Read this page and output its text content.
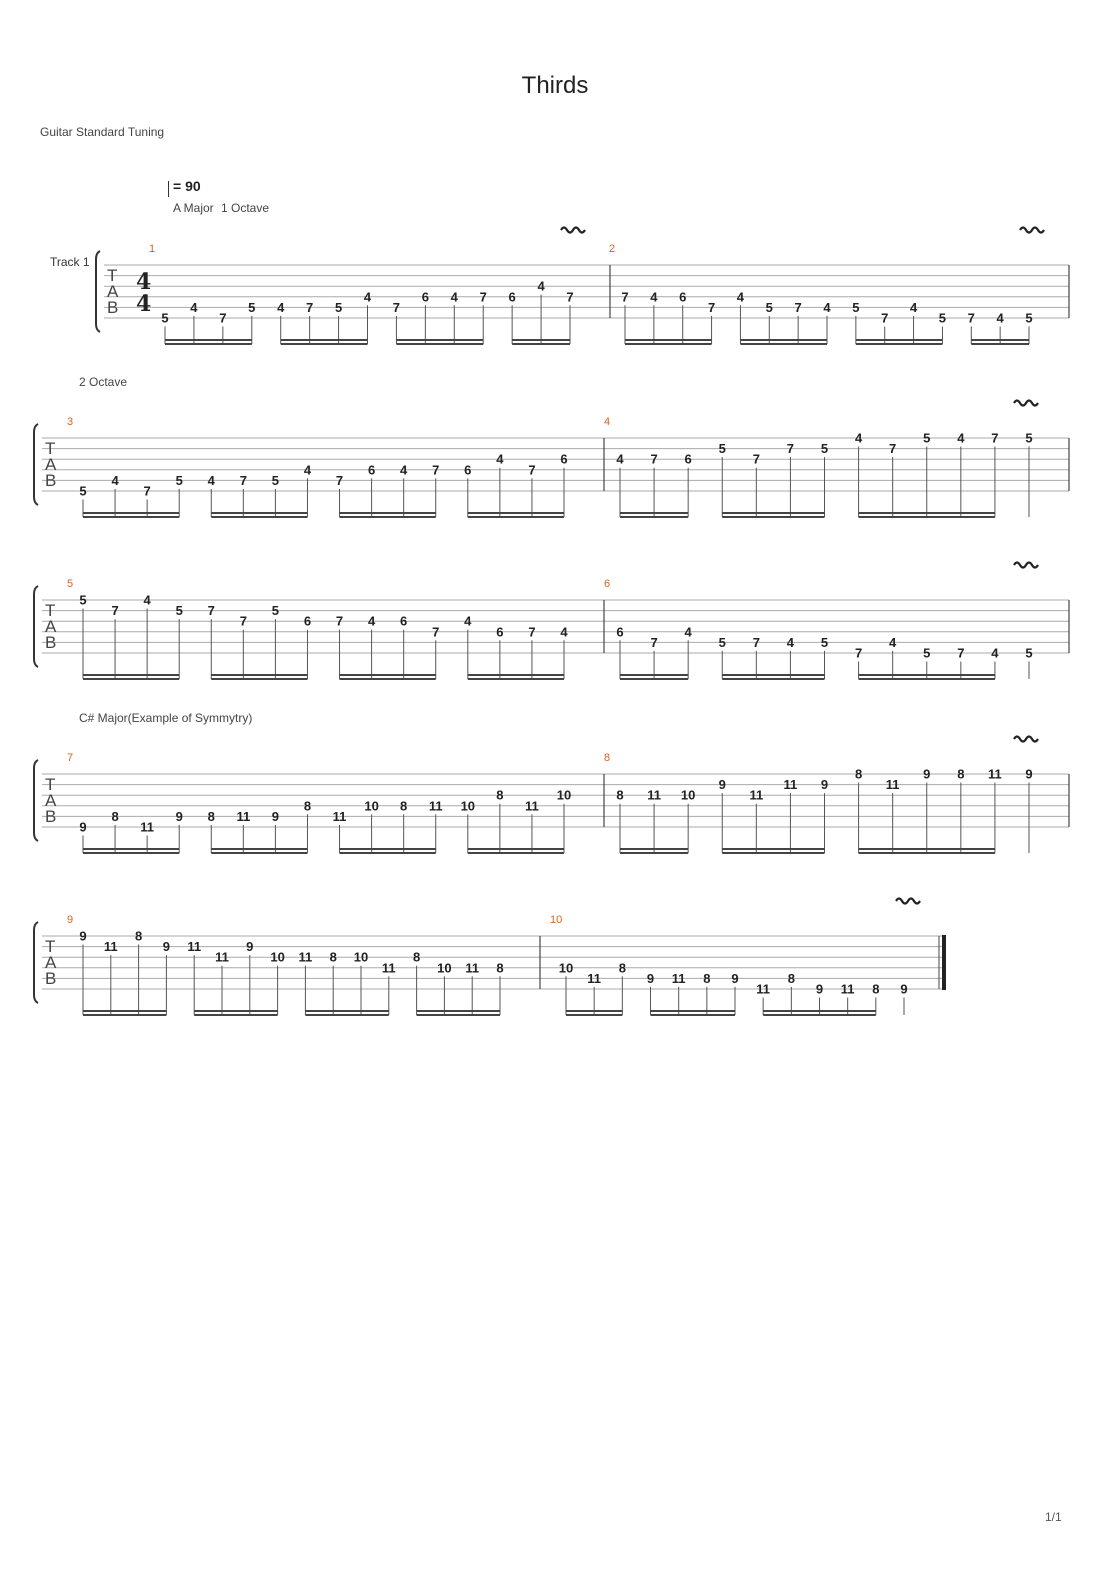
Thirds
Guitar Standard Tuning
= 90
A Major 1 Octave
2 Octave
C# Major(Example of Symmytry)
Track 1
1/1
T
A
B
4
4
1
5
4
7
5 4 7 5
4
7
6 4 7 6
4
7
2
7 4 6
7
4
5 7 4 5
7
4
5 7 4 5
T
A
B
3
5
4
7
5 4 7 5
4
7
6 4 7 6
4
7
6
4
4 7 6
5
7
7 5
4
7
5 4 7 5
T
A
B
5
5
7
4
5 7
7
5
6 7 4 6
7
4
6 7 4
6
6
7
4
5 7 4 5
7
4
5 7 4 5
T
A
B
7
9
8
11
9 8 11 9
8
11
10 8 11 10
8
11
10
8
8 11 10
9
11
11 9
8
11
9 8 11 9
T
A
B
9
9
11
8
9 11
11
9
10 11 8 10
11
8
10 11 8
10
10
11
8
9 11 8 9
11
8
9 11 8 9
